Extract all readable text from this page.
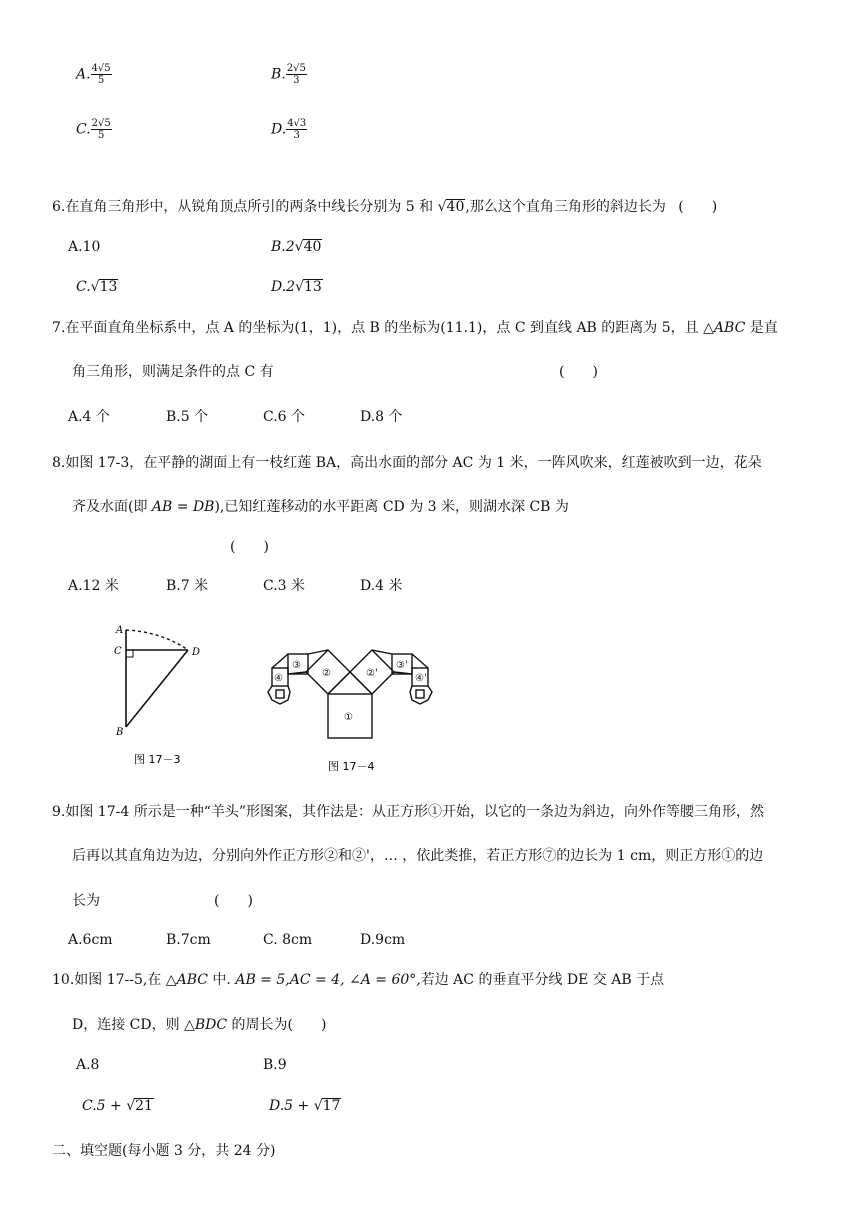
A. $\frac{4√5}{5}$	B. $\frac{2√5}{3}$
C. $\frac{2√5}{5}$	D. $\frac{4√3}{3}$
6.在直角三角形中，从锐角顶点所引的两条中线长分别为 5 和 √40,那么这个直角三角形的斜边长为 (　　)
A.10	B.2√40
C.√13	D.2√13
7.在平面直角坐标系中，点 A 的坐标为(1，1)，点 B 的坐标为(11.1)，点 C 到直线 AB 的距离为 5，且 △ABC 是直
角三角形，则满足条件的点 C 有	(　　)
A.4 个	B.5 个	C.6 个	D.8 个
8.如图 17-3，在平静的湖面上有一枝红莲 BA，高出水面的部分 AC 为 1 米，一阵风吹来，红莲被吹到一边，花朵
齐及水面(即 AB = DB),已知红莲移动的水平距离 CD 为 3 米，则湖水深 CB 为
(　　)
A.12 米	B.7 米	C.3 米	D.4 米
A
C	D
B
图 17－3
①
②	②'
③	③'
④	④'
图 17－4
9.如图 17-4 所示是一种“羊头”形图案，其作法是：从正方形①开始，以它的一条边为斜边，向外作等腰三角形，然
后再以其直角边为边，分别向外作正方形②和②'，… ，依此类推，若正方形⑦的边长为 1 cm，则正方形①的边
长为	(　　)
A.6cm	B.7cm	C. 8cm	D.9cm
10.如图 17--5,在 △ABC 中. AB = 5,AC = 4, ∠A = 60°,若边 AC 的垂直平分线 DE 交 AB 于点
D，连接 CD，则 △BDC 的周长为( )
A.8	B.9
C.5 + √21	D.5 + √17
二、填空题(每小题 3 分，共 24 分)
